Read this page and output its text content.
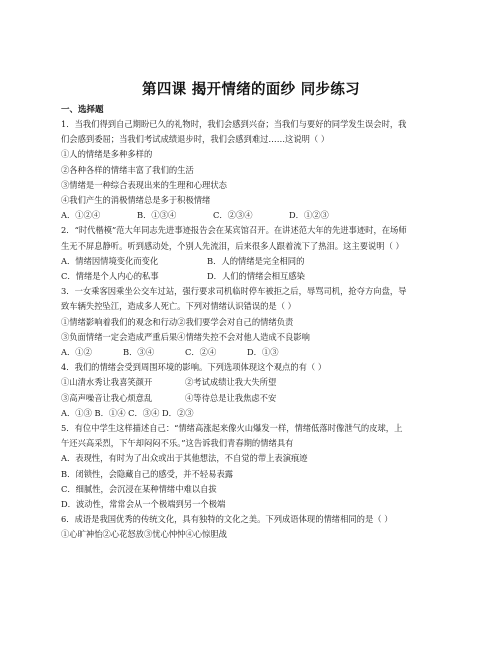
第四课 揭开情绪的面纱 同步练习
一、选择题
1．当我们得到自己期盼已久的礼物时，我们会感到兴奋；当我们与要好的同学发生误会时，我
们会感到委屈；当我们考试成绩退步时，我们会感到难过……这说明（ ）
①人的情绪是多种多样的
②各种各样的情绪丰富了我们的生活
③情绪是一种综合表现出来的生理和心理状态
④我们产生的消极情绪总是多于积极情绪
A．①②④	B．①③④	C．②③④	D．①②③
2．“时代楷模”范大年同志先进事迹报告会在某宾馆召开。在讲述范大年的先进事迹时，在场师
生无不屏息静听。听到感动处，个别人先流泪，后来很多人跟着流下了热泪。这主要说明（ ）
A．情绪因情境变化而变化	B．人的情绪是完全相同的
C．情绪是个人内心的私事	D．人们的情绪会相互感染
3．一女乘客因乘坐公交车过站，强行要求司机临时停车被拒之后，辱骂司机，抢夺方向盘，导
致车辆失控坠江，造成多人死亡。下列对情绪认识错误的是（ ）
①情绪影响着我们的观念和行动②我们要学会对自己的情绪负责
③负面情绪一定会造成严重后果④情绪失控不会对他人造成不良影响
A．①②	B．③④	C．②④	D．①③
4．我们的情绪会受到周围环境的影响。下列选项体现这个观点的有（ ）
①山清水秀让我喜笑颜开	②考试成绩让我大失所望
③高声噪音让我心烦意乱	④等待总是让我焦虑不安
A．①③ B．①④ C．③④ D．②③
5．有位中学生这样描述自己：“情绪高涨起来像火山爆发一样，情绪低落时像泄气的皮球，上
午还兴高采烈，下午却闷闷不乐。”这告诉我们青春期的情绪具有
A．表现性，有时为了出众或出于其他想法，不自觉的带上表演痕迹
B．闭锁性，会隐藏自己的感受，并不轻易表露
C．细腻性，会沉浸在某种情绪中难以自拔
D．波动性，常常会从一个极端到另一个极端
6．成语是我国优秀的传统文化，具有独特的文化之美。下列成语体现的情绪相同的是（ ）
①心旷神怡②心花怒放③忧心忡忡④心惊胆战
